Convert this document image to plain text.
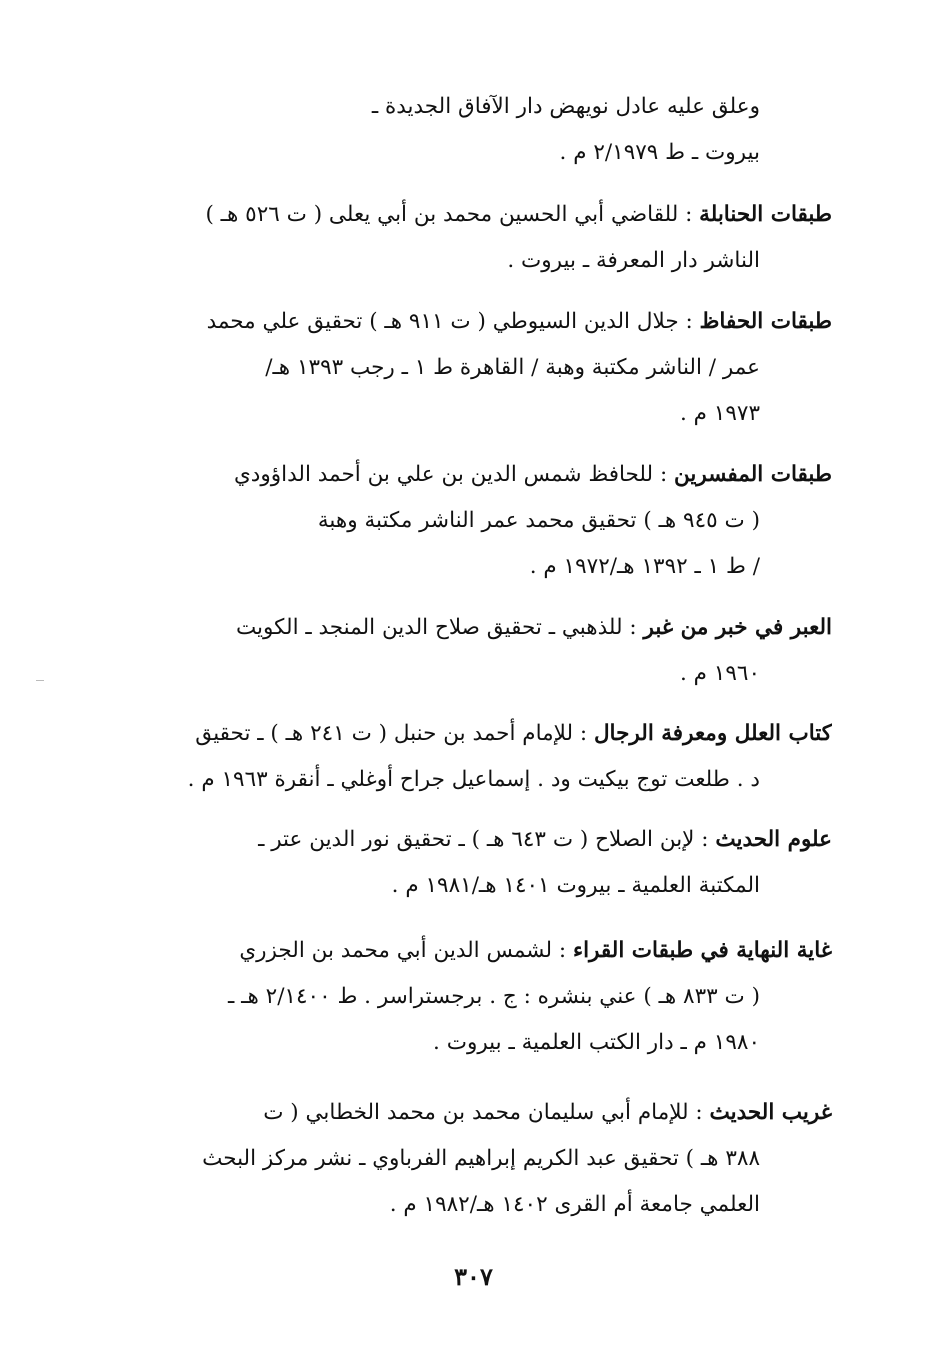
وعلق عليه عادل نويهض دار الآفاق الجديدة ـ
بيروت ـ ط ٢/١٩٧٩ م .
طبقات الحنابلة : للقاضي أبي الحسين محمد بن أبي يعلى ( ت ٥٢٦ هـ )
الناشر دار المعرفة ـ بيروت .
طبقات الحفاظ : جلال الدين السيوطي ( ت ٩١١ هـ ) تحقيق علي محمد
عمر / الناشر مكتبة وهبة / القاهرة ط ١ ـ رجب ١٣٩٣ هـ/
١٩٧٣ م .
طبقات المفسرين : للحافظ شمس الدين بن علي بن أحمد الداؤودي
( ت ٩٤٥ هـ ) تحقيق محمد عمر الناشر مكتبة وهبة
/ ط ١ ـ ١٣٩٢ هـ/١٩٧٢ م .
العبر في خبر من غبر : للذهبي ـ تحقيق صلاح الدين المنجد ـ الكويت
١٩٦٠ م .
كتاب العلل ومعرفة الرجال : للإمام أحمد بن حنبل ( ت ٢٤١ هـ ) ـ تحقيق
د . طلعت توج بيكيت ود . إسماعيل جراح أوغلي ـ أنقرة ١٩٦٣ م .
علوم الحديث : لإبن الصلاح ( ت ٦٤٣ هـ ) ـ تحقيق نور الدين عتر ـ
المكتبة العلمية ـ بيروت ١٤٠١ هـ/١٩٨١ م .
غاية النهاية في طبقات القراء : لشمس الدين أبي محمد بن الجزري
( ت ٨٣٣ هـ ) عني بنشره : ج . برجستراسر . ط ٢/١٤٠٠ هـ ـ
١٩٨٠ م ـ دار الكتب العلمية ـ بيروت .
غريب الحديث : للإمام أبي سليمان محمد بن محمد الخطابي ( ت
٣٨٨ هـ ) تحقيق عبد الكريم إبراهيم الفرباوي ـ نشر مركز البحث
العلمي جامعة أم القرى ١٤٠٢ هـ/١٩٨٢ م .
٣٠٧
